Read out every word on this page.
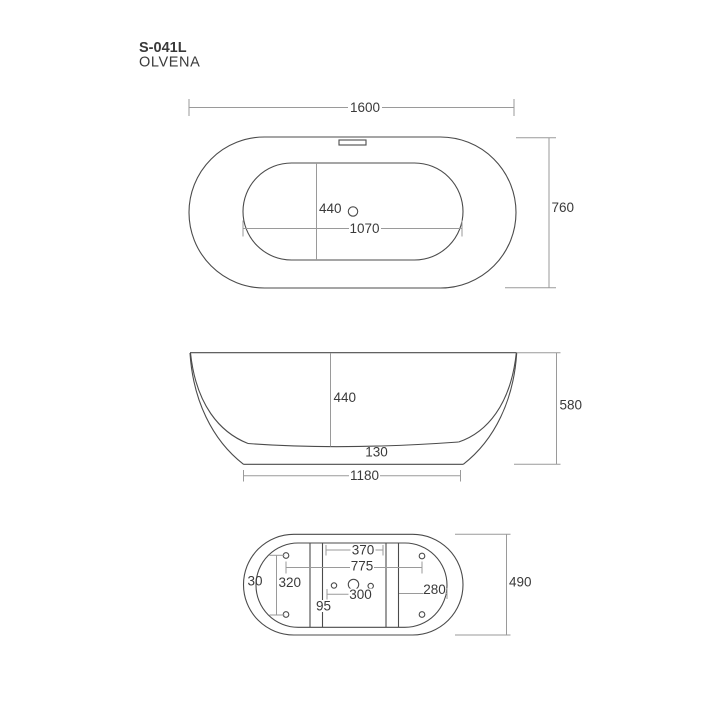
S-041L
OLVENA
1600
760
440
1070
440
130
1180
580
370
775
320
30
95
300	280	490
